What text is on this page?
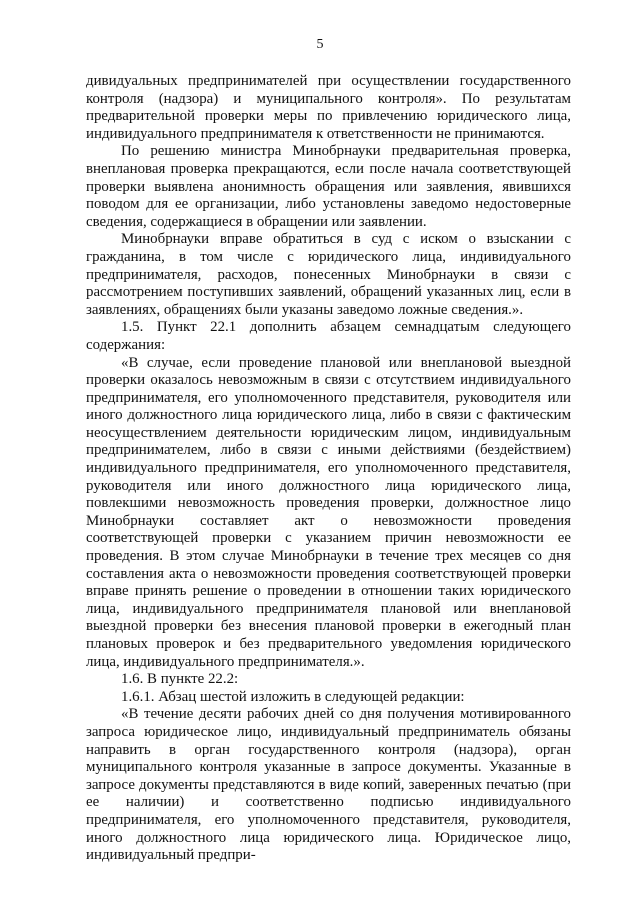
5

дивидуальных предпринимателей при осуществлении государственного контроля (надзора) и муниципального контроля». По результатам предварительной проверки меры по привлечению юридического лица, индивидуального предпринимателя к ответственности не принимаются.

По решению министра Минобрнауки предварительная проверка, внеплановая проверка прекращаются, если после начала соответствующей проверки выявлена анонимность обращения или заявления, явившихся поводом для ее организации, либо установлены заведомо недостоверные сведения, содержащиеся в обращении или заявлении.

Минобрнауки вправе обратиться в суд с иском о взыскании с гражданина, в том числе с юридического лица, индивидуального предпринимателя, расходов, понесенных Минобрнауки в связи с рассмотрением поступивших заявлений, обращений указанных лиц, если в заявлениях, обращениях были указаны заведомо ложные сведения.».

1.5. Пункт 22.1 дополнить абзацем семнадцатым следующего содержания:

«В случае, если проведение плановой или внеплановой выездной проверки оказалось невозможным в связи с отсутствием индивидуального предпринимателя, его уполномоченного представителя, руководителя или иного должностного лица юридического лица, либо в связи с фактическим неосуществлением деятельности юридическим лицом, индивидуальным предпринимателем, либо в связи с иными действиями (бездействием) индивидуального предпринимателя, его уполномоченного представителя, руководителя или иного должностного лица юридического лица, повлекшими невозможность проведения проверки, должностное лицо Минобрнауки составляет акт о невозможности проведения соответствующей проверки с указанием причин невозможности ее проведения. В этом случае Минобрнауки в течение трех месяцев со дня составления акта о невозможности проведения соответствующей проверки вправе принять решение о проведении в отношении таких юридического лица, индивидуального предпринимателя плановой или внеплановой выездной проверки без внесения плановой проверки в ежегодный план плановых проверок и без предварительного уведомления юридического лица, индивидуального предпринимателя.».

1.6. В пункте 22.2:

1.6.1. Абзац шестой изложить в следующей редакции:

«В течение десяти рабочих дней со дня получения мотивированного запроса юридическое лицо, индивидуальный предприниматель обязаны направить в орган государственного контроля (надзора), орган муниципального контроля указанные в запросе документы. Указанные в запросе документы представляются в виде копий, заверенных печатью (при ее наличии) и соответственно подписью индивидуального предпринимателя, его уполномоченного представителя, руководителя, иного должностного лица юридического лица. Юридическое лицо, индивидуальный предпри-
